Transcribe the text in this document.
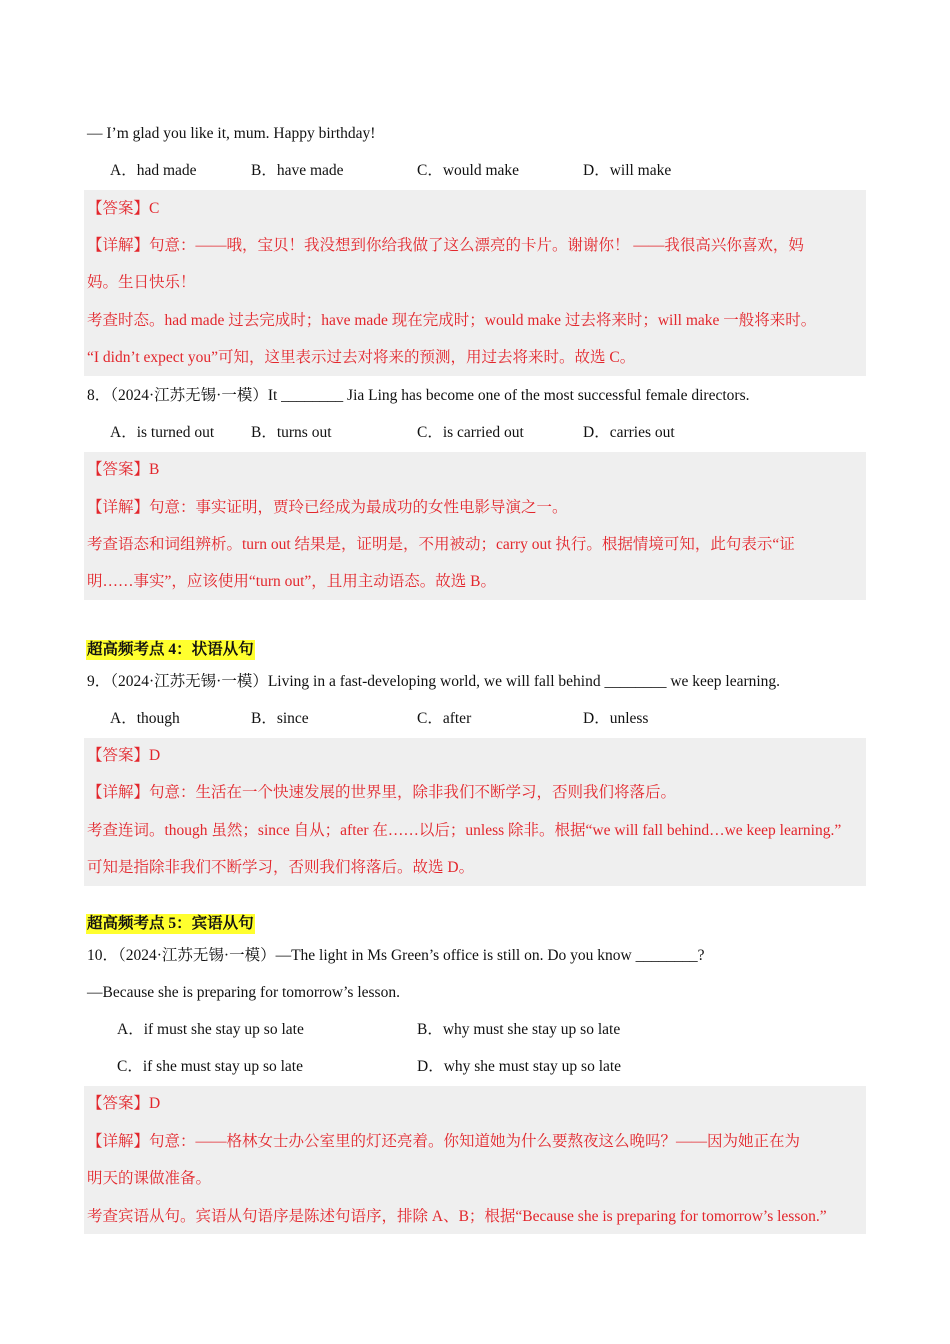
— I’m glad you like it, mum. Happy birthday!
A．had made	B．have made	C．would make	D．will make
【答案】C
【详解】句意：——哦，宝贝！我没想到你给我做了这么漂亮的卡片。谢谢你！ ——我很高兴你喜欢，妈
妈。生日快乐！
考查时态。had made 过去完成时；have made 现在完成时；would make 过去将来时；will make 一般将来时。
“I didn’t expect you”可知，这里表示过去对将来的预测，用过去将来时。故选 C。
8．（2024·江苏无锡·一模）It ________ Jia Ling has become one of the most successful female directors.
A．is turned out B．turns out	C．is carried out	D．carries out
【答案】B
【详解】句意：事实证明，贾玲已经成为最成功的女性电影导演之一。
考查语态和词组辨析。turn out 结果是，证明是，不用被动；carry out 执行。根据情境可知，此句表示“证
明……事实”，应该使用“turn out”，且用主动语态。故选 B。
超高频考点 4：状语从句
9．（2024·江苏无锡·一模）Living in a fast-developing world, we will fall behind ________ we keep learning.
A．though	B．since	C．after	D．unless
【答案】D
【详解】句意：生活在一个快速发展的世界里，除非我们不断学习，否则我们将落后。
考查连词。though 虽然；since 自从；after 在……以后；unless 除非。根据“we will fall behind…we keep learning.”
可知是指除非我们不断学习，否则我们将落后。故选 D。
超高频考点 5：宾语从句
10．（2024·江苏无锡·一模）—The light in Ms Green’s office is still on. Do you know ________?
—Because she is preparing for tomorrow’s lesson.
A．if must she stay up so late	B．why must she stay up so late
C．if she must stay up so late	D．why she must stay up so late
【答案】D
【详解】句意：——格林女士办公室里的灯还亮着。你知道她为什么要熬夜这么晚吗？——因为她正在为
明天的课做准备。
考查宾语从句。宾语从句语序是陈述句语序，排除 A、B；根据“Because she is preparing for tomorrow’s lesson.”
